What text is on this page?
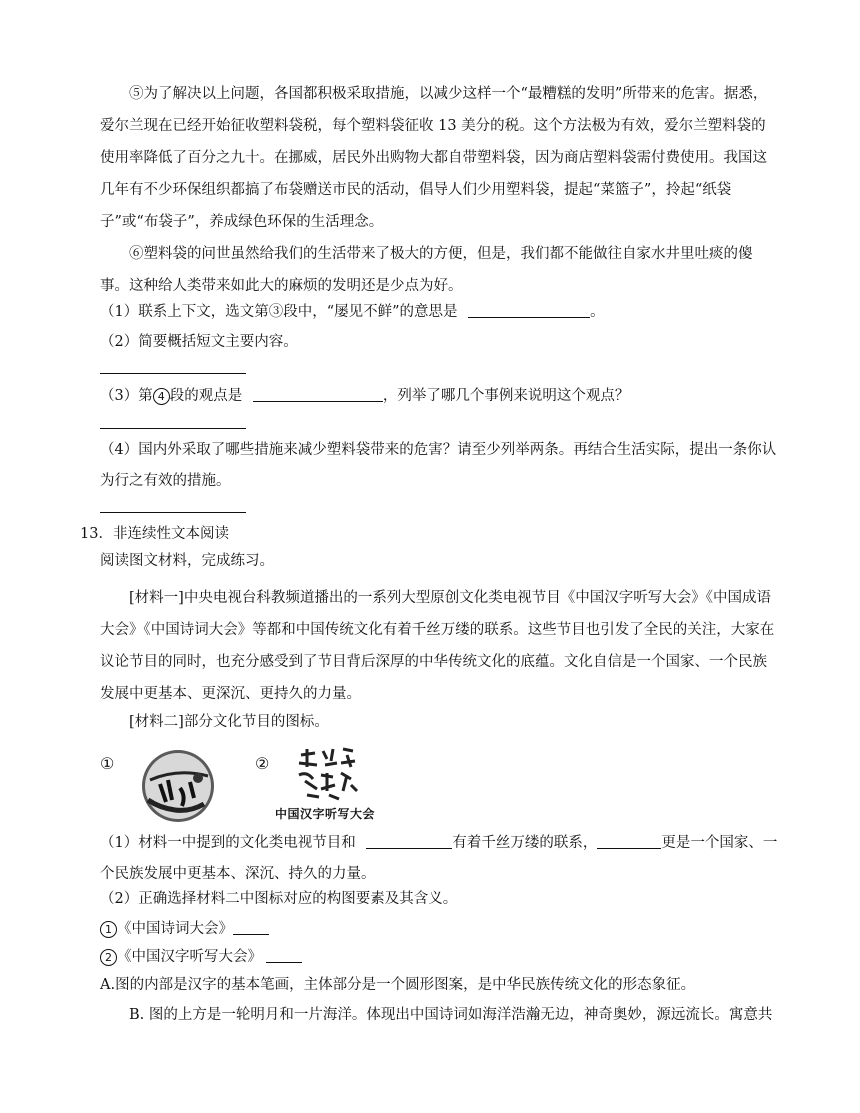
⑤为了解决以上问题，各国都积极采取措施，以减少这样一个“最糟糕的发明”所带来的危害。据悉，爱尔兰现在已经开始征收塑料袋税，每个塑料袋征收 13 美分的税。这个方法极为有效，爱尔兰塑料袋的使用率降低了百分之九十。在挪威，居民外出购物大都自带塑料袋，因为商店塑料袋需付费使用。我国这几年有不少环保组织都搞了布袋赠送市民的活动，倡导人们少用塑料袋，提起“菜篮子”，拎起“纸袋子”或“布袋子”，养成绿色环保的生活理念。

⑥塑料袋的问世虽然给我们的生活带来了极大的方便，但是，我们都不能做往自家水井里吐痰的傻事。这种给人类带来如此大的麻烦的发明还是少点为好。

（1）联系上下文，选文第③段中，“屡见不鲜”的意思是	。

（2）简要概括短文主要内容。

（3）第 4 段的观点是	，列举了哪几个事例来说明这个观点？

（4）国内外采取了哪些措施来减少塑料袋带来的危害？请至少列举两条。再结合生活实际，提出一条你认为行之有效的措施。

13．非连续性文本阅读

阅读图文材料，完成练习。

[材料一]中央电视台科教频道播出的一系列大型原创文化类电视节目《中国汉字听写大会》《中国成语大会》《中国诗词大会》等都和中国传统文化有着千丝万缕的联系。这些节目也引发了全民的关注，大家在议论节目的同时，也充分感受到了节目背后深厚的中华传统文化的底蕴。文化自信是一个国家、一个民族发展中更基本、更深沉、更持久的力量。

[材料二]部分文化节目的图标。

①	②
中国汉字听写大会

（1）材料一中提到的文化类电视节目和	有着千丝万缕的联系，	更是一个国家、一个民族发展中更基本、深沉、持久的力量。

（2）正确选择材料二中图标对应的构图要素及其含义。

1 《中国诗词大会》

2 《中国汉字听写大会》

A.图的内部是汉字的基本笔画，主体部分是一个圆形图案，是中华民族传统文化的形态象征。

B. 图的上方是一轮明月和一片海洋。体现出中国诗词如海洋浩瀚无边，神奇奥妙，源远流长。寓意共
